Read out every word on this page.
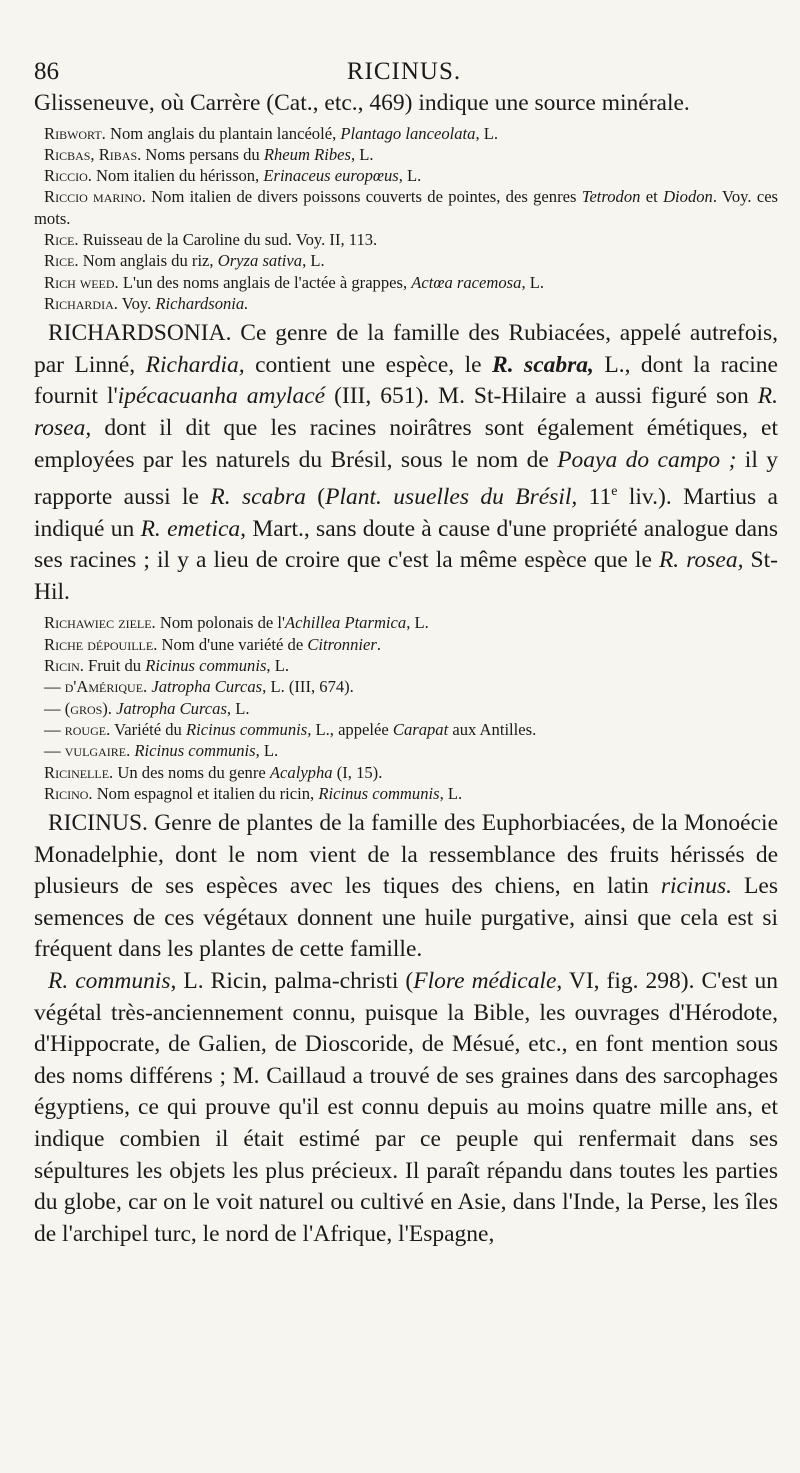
86	RICINUS.

Glisseneuve, où Carrère (Cat., etc., 469) indique une source minérale.

Ribwort. Nom anglais du plantain lancéolé, Plantago lanceolata, L.

Ricbas, Ribas. Noms persans du Rheum Ribes, L.

Riccio. Nom italien du hérisson, Erinaceus europœus, L.

Riccio marino. Nom italien de divers poissons couverts de pointes, des genres Tetrodon et Diodon. Voy. ces mots.

Rice. Ruisseau de la Caroline du sud. Voy. II, 113.

Rice. Nom anglais du riz, Oryza sativa, L.

Rich weed. L'un des noms anglais de l'actée à grappes, Actœa racemosa, L.

Richardia. Voy. Richardsonia.

RICHARDSONIA. Ce genre de la famille des Rubiacées, appelé autrefois, par Linné, Richardia, contient une espèce, le R. scabra, L., dont la racine fournit l'ipécacuanha amylacé (III, 651). M. St-Hilaire a aussi figuré son R. rosea, dont il dit que les racines noirâtres sont également émétiques, et employées par les naturels du Brésil, sous le nom de Poaya do campo ; il y rapporte aussi le R. scabra (Plant. usuelles du Brésil, 11e liv.). Martius a indiqué un R. emetica, Mart., sans doute à cause d'une propriété analogue dans ses racines ; il y a lieu de croire que c'est la même espèce que le R. rosea, St-Hil.

Richawiec ziele. Nom polonais de l'Achillea Ptarmica, L.

Riche dépouille. Nom d'une variété de Citronnier.

Ricin. Fruit du Ricinus communis, L.

— d'Amérique. Jatropha Curcas, L. (III, 674).

— (gros). Jatropha Curcas, L.

— rouge. Variété du Ricinus communis, L., appelée Carapat aux Antilles.

— vulgaire. Ricinus communis, L.

Ricinelle. Un des noms du genre Acalypha (I, 15).

Ricino. Nom espagnol et italien du ricin, Ricinus communis, L.

RICINUS. Genre de plantes de la famille des Euphorbiacées, de la Monoécie Monadelphie, dont le nom vient de la ressemblance des fruits hérissés de plusieurs de ses espèces avec les tiques des chiens, en latin ricinus. Les semences de ces végétaux donnent une huile purgative, ainsi que cela est si fréquent dans les plantes de cette famille.

R. communis, L. Ricin, palma-christi (Flore médicale, VI, fig. 298). C'est un végétal très-anciennement connu, puisque la Bible, les ouvrages d'Hérodote, d'Hippocrate, de Galien, de Dioscoride, de Mésué, etc., en font mention sous des noms différens ; M. Caillaud a trouvé de ses graines dans des sarcophages égyptiens, ce qui prouve qu'il est connu depuis au moins quatre mille ans, et indique combien il était estimé par ce peuple qui renfermait dans ses sépultures les objets les plus précieux. Il paraît répandu dans toutes les parties du globe, car on le voit naturel ou cultivé en Asie, dans l'Inde, la Perse, les îles de l'archipel turc, le nord de l'Afrique, l'Espagne,
